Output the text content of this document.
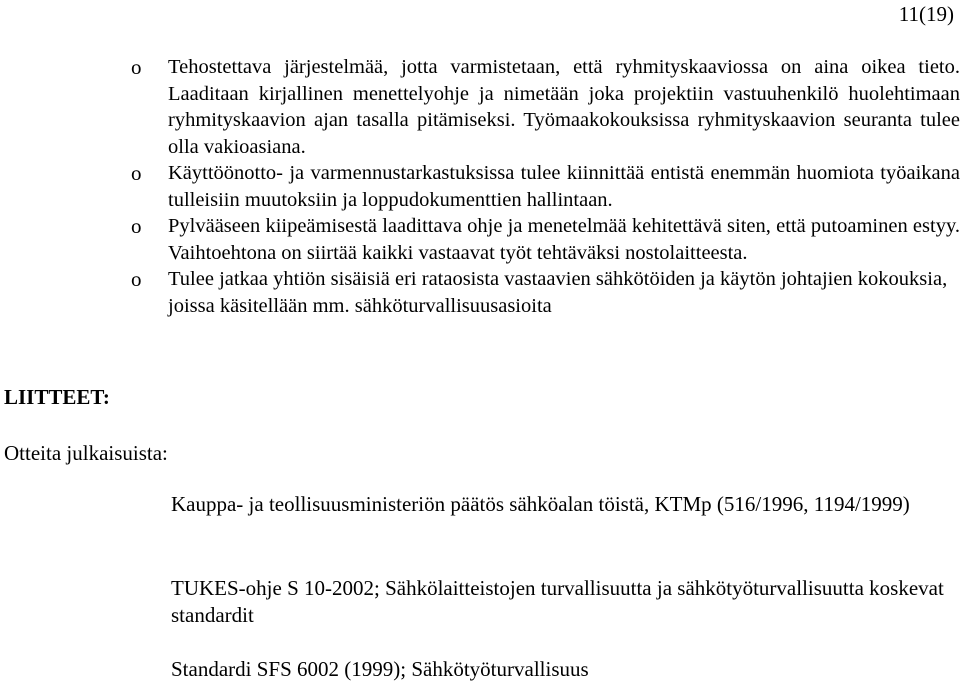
11(19)
o Tehostettava järjestelmää, jotta varmistetaan, että ryhmityskaaviossa on aina oikea tieto. Laaditaan kirjallinen menettelyohje ja nimetään joka projektiin vastuuhenkilö huolehtimaan ryhmityskaavion ajan tasalla pitämiseksi. Työmaakokouksissa ryhmityskaavion seuranta tulee olla vakioasiana.
o Käyttöönotto- ja varmennustarkastuksissa tulee kiinnittää entistä enemmän huomiota työaikana tulleisiin muutoksiin ja loppudokumenttien hallintaan.
o Pylvääseen kiipeämisestä laadittava ohje ja menetelmää kehitettävä siten, että putoaminen estyy. Vaihtoehtona on siirtää kaikki vastaavat työt tehtäväksi nostolaitteesta.
o Tulee jatkaa yhtiön sisäisiä eri rataosista vastaavien sähkötöiden ja käytön johtajien kokouksia, joissa käsitellään mm. sähköturvallisuusasioita
LIITTEET:
Otteita julkaisuista:
Kauppa- ja teollisuusministeriön päätös sähköalan töistä, KTMp (516/1996, 1194/1999)
TUKES-ohje S 10-2002; Sähkölaitteistojen turvallisuutta ja sähkötyöturvallisuutta koskevat standardit
Standardi SFS 6002 (1999); Sähkötyöturvallisuus
